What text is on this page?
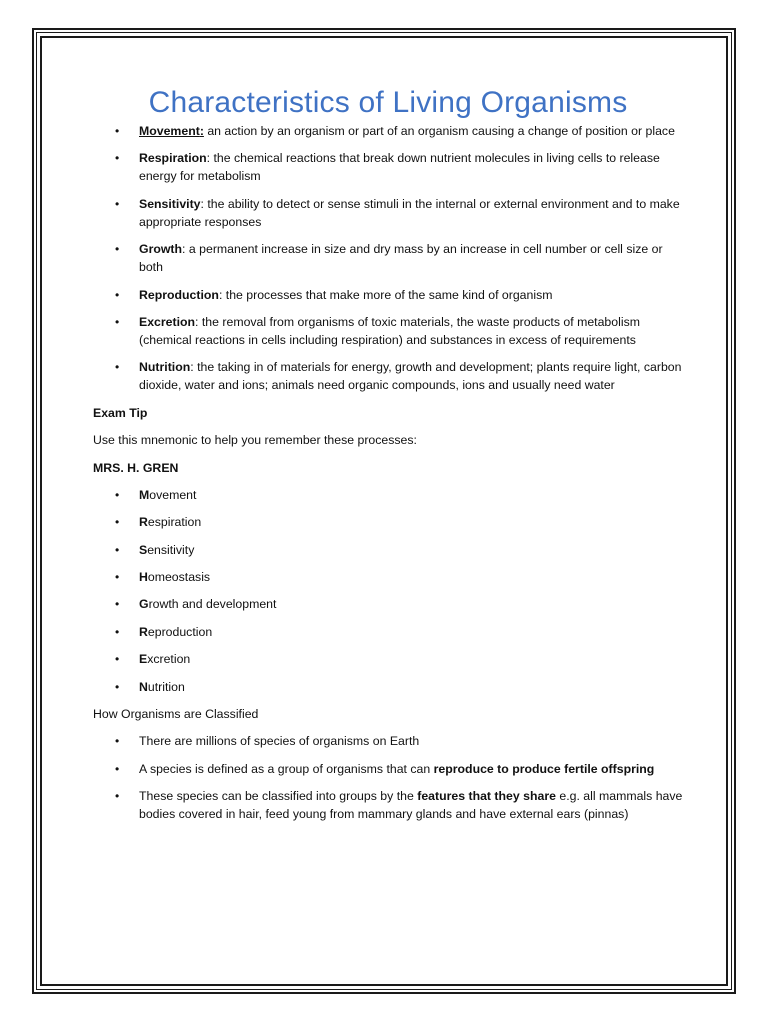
Characteristics of Living Organisms
• Movement: an action by an organism or part of an organism causing a change of position or place
• Respiration: the chemical reactions that break down nutrient molecules in living cells to release energy for metabolism
• Sensitivity: the ability to detect or sense stimuli in the internal or external environment and to make appropriate responses
• Growth: a permanent increase in size and dry mass by an increase in cell number or cell size or both
• Reproduction: the processes that make more of the same kind of organism
• Excretion: the removal from organisms of toxic materials, the waste products of metabolism (chemical reactions in cells including respiration) and substances in excess of requirements
• Nutrition: the taking in of materials for energy, growth and development; plants require light, carbon dioxide, water and ions; animals need organic compounds, ions and usually need water

Exam Tip

Use this mnemonic to help you remember these processes:

MRS. H. GREN

• Movement
• Respiration
• Sensitivity
• Homeostasis
• Growth and development
• Reproduction
• Excretion
• Nutrition

How Organisms are Classified

• There are millions of species of organisms on Earth
• A species is defined as a group of organisms that can reproduce to produce fertile offspring
• These species can be classified into groups by the features that they share e.g. all mammals have bodies covered in hair, feed young from mammary glands and have external ears (pinnas)
